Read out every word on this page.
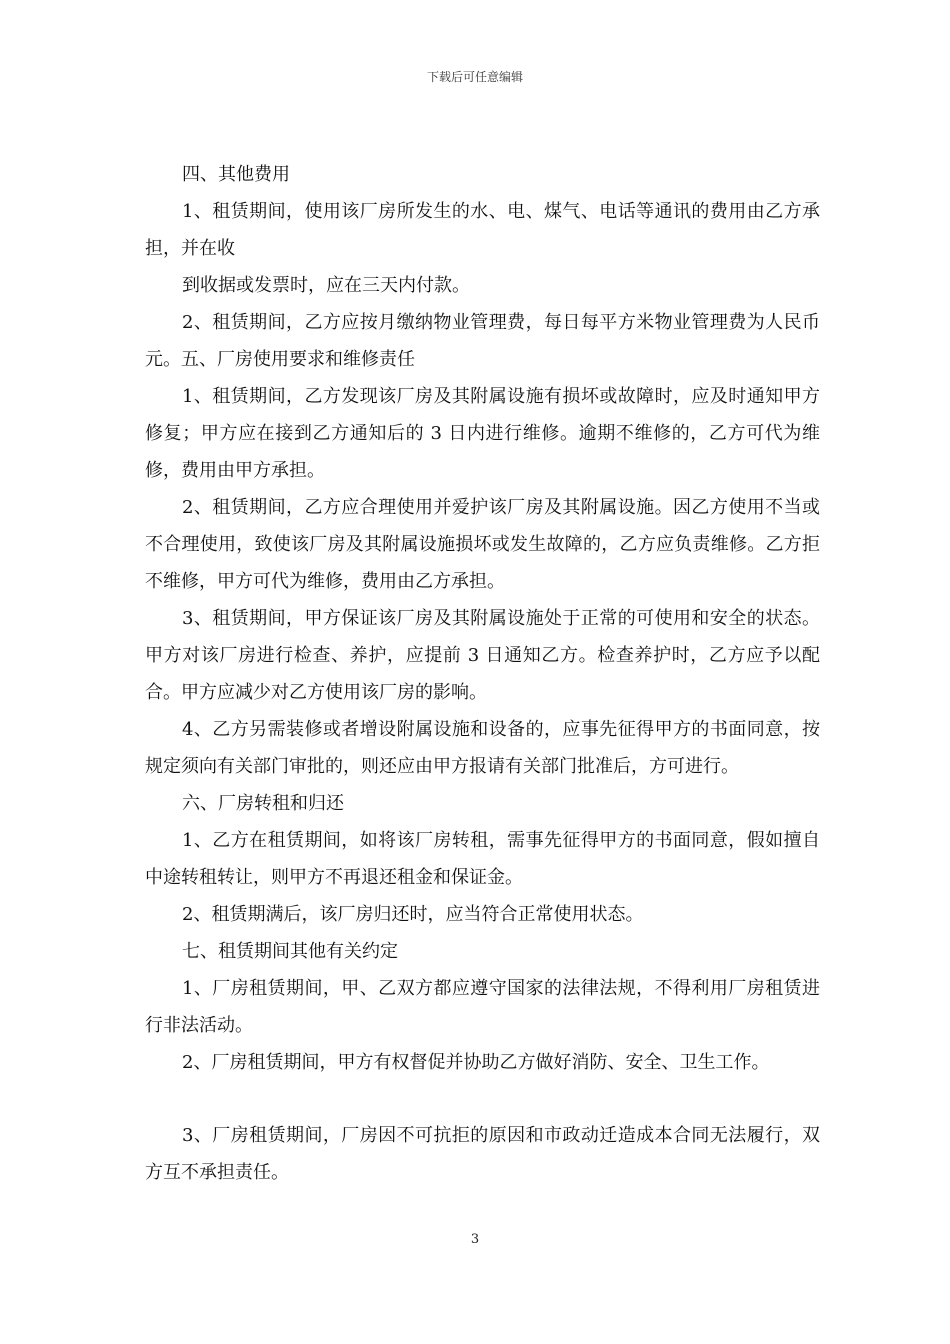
下载后可任意编辑

四、其他费用

1、租赁期间，使用该厂房所发生的水、电、煤气、电话等通讯的费用由乙方承担，并在收

到收据或发票时，应在三天内付款。

2、租赁期间，乙方应按月缴纳物业管理费，每日每平方米物业管理费为人民币元。五、厂房使用要求和维修责任

1、租赁期间，乙方发现该厂房及其附属设施有损坏或故障时，应及时通知甲方修复；甲方应在接到乙方通知后的 3 日内进行维修。逾期不维修的，乙方可代为维修，费用由甲方承担。

2、租赁期间，乙方应合理使用并爱护该厂房及其附属设施。因乙方使用不当或不合理使用，致使该厂房及其附属设施损坏或发生故障的，乙方应负责维修。乙方拒不维修，甲方可代为维修，费用由乙方承担。

3、租赁期间，甲方保证该厂房及其附属设施处于正常的可使用和安全的状态。甲方对该厂房进行检查、养护，应提前 3 日通知乙方。检查养护时，乙方应予以配合。甲方应减少对乙方使用该厂房的影响。

4、乙方另需装修或者增设附属设施和设备的，应事先征得甲方的书面同意，按规定须向有关部门审批的，则还应由甲方报请有关部门批准后，方可进行。

六、厂房转租和归还

1、乙方在租赁期间，如将该厂房转租，需事先征得甲方的书面同意，假如擅自中途转租转让，则甲方不再退还租金和保证金。

2、租赁期满后，该厂房归还时，应当符合正常使用状态。

七、租赁期间其他有关约定

1、厂房租赁期间，甲、乙双方都应遵守国家的法律法规，不得利用厂房租赁进行非法活动。

2、厂房租赁期间，甲方有权督促并协助乙方做好消防、安全、卫生工作。

3、厂房租赁期间，厂房因不可抗拒的原因和市政动迁造成本合同无法履行，双方互不承担责任。

3
